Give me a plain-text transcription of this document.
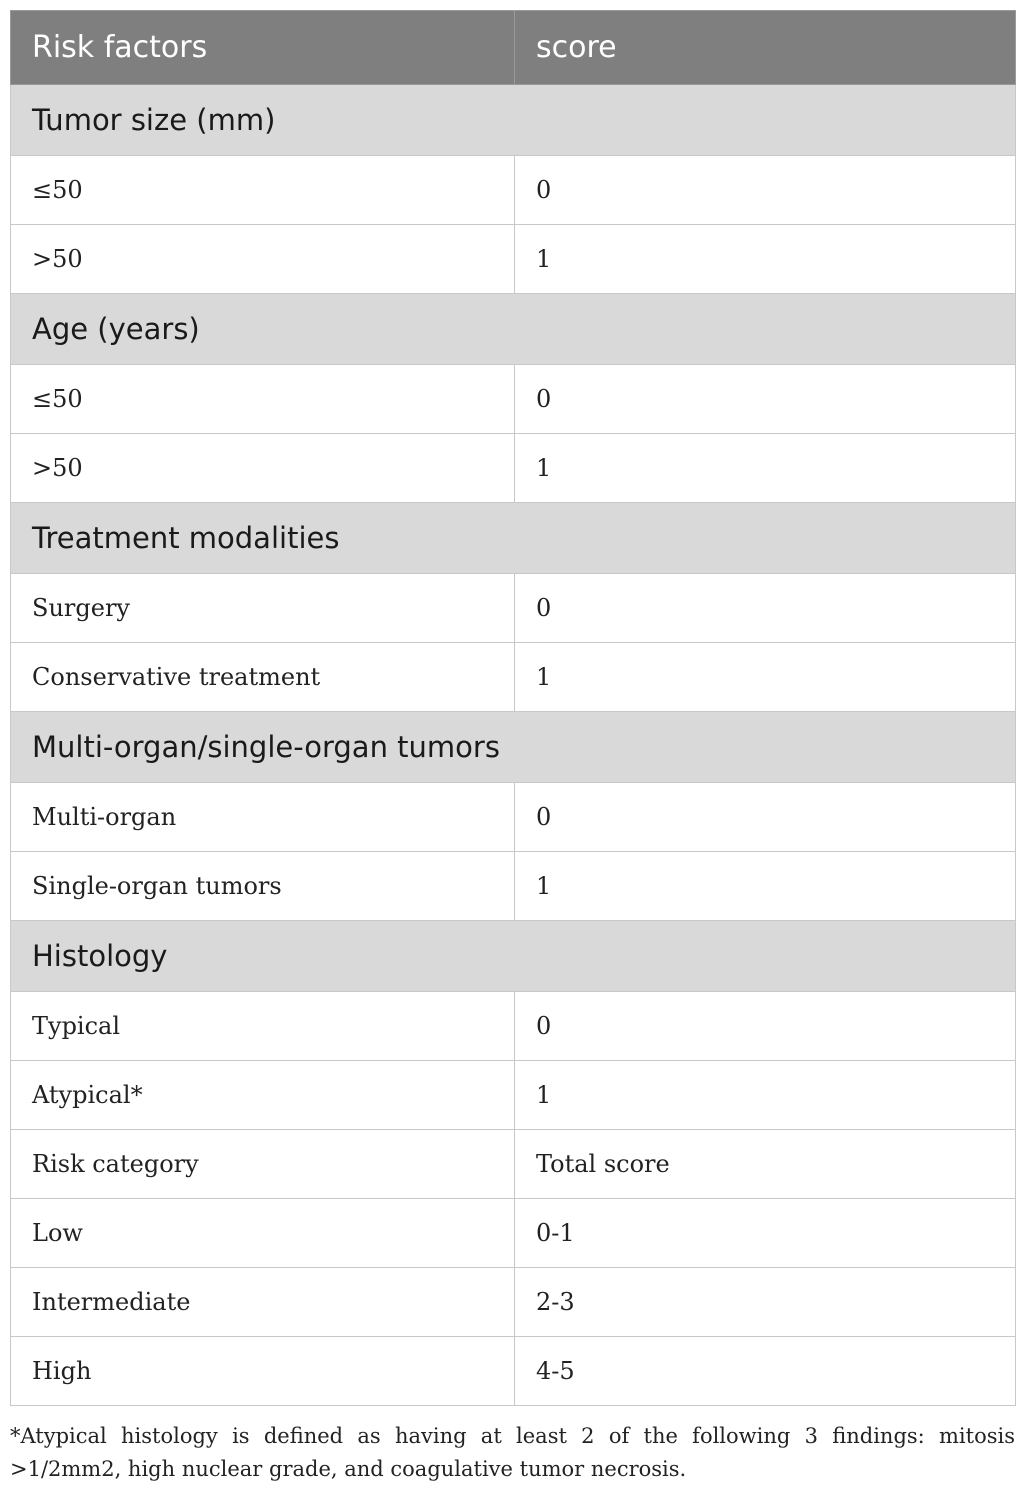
Risk factors	score
Tumor size (mm)	
≤50	0
>50	1
Age (years)	
≤50	0
>50	1
Treatment modalities	
Surgery	0
Conservative treatment	1
Multi-organ/single-organ tumors	
Multi-organ	0
Single-organ tumors	1
Histology	
Typical	0
Atypical*	1
Risk category	Total score
Low	0-1
Intermediate	2-3
High	4-5
*Atypical histology is defined as having at least 2 of the following 3 findings: mitosis >1/2mm2, high nuclear grade, and coagulative tumor necrosis.
